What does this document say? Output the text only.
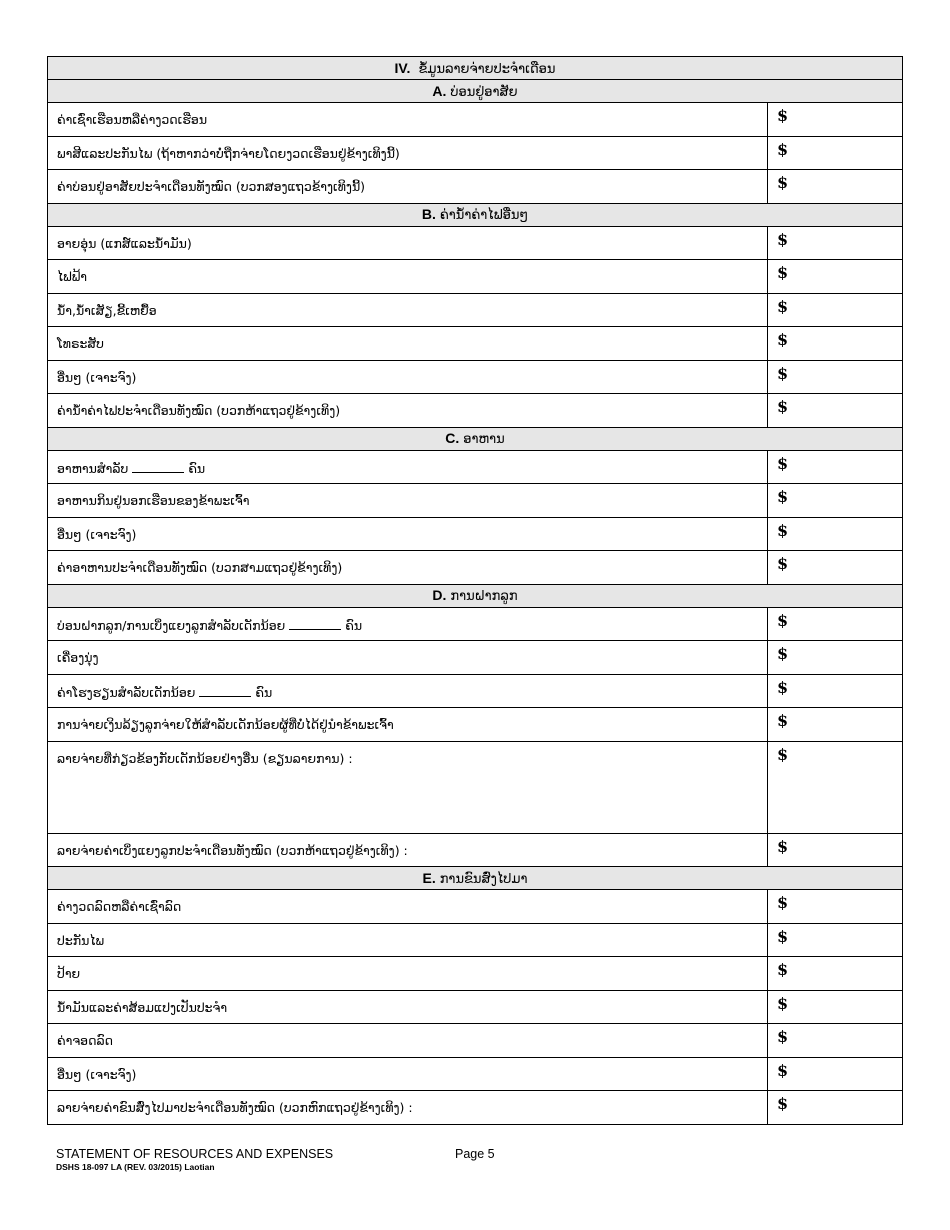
IV. ຂໍ້ມູນລາຍຈ່າຍປະຈຳເດືອນ	
A. ບ່ອນຢູ່ອາສັຍ	
ຄ່າເຊົ່າເຮືອນຫລືຄ່າງວດເຮືອນ	$
ພາສີແລະປະກັນໄພ (ຖ້າຫາກວ່າບໍ່ຖືກຈ່າຍໂດຍງວດເຮືອນຢູ່ຂ້າງເທິງນີ້)	$
ຄ່າບ່ອນຢູ່ອາສັຍປະຈຳເດືອນທັງໝົດ (ບວກສອງແຖວຂ້າງເທິງນີ້)	$
B. ຄ່ານ້ຳຄ່າໄຟອື່ນໆ	
ອາຍອຸ່ນ (ແກສ໌ແລະນ້ຳມັນ)	$
ໄຟຟ້າ	$
ນ້ຳ,ນ້ຳເສັຽ,ຂີ້ເຫຍື້ອ	$
ໂທຣະສັບ	$
ອື່ນໆ (ເຈາະຈົງ)	$
ຄ່ານ້ຳຄ່າໄຟປະຈຳເດືອນທັງໝົດ (ບວກຫ້າແຖວຢູ່ຂ້າງເທິງ)	$
C. ອາຫານ	
ອາຫານສຳລັບ ຄົນ	$
ອາຫານກິນຢູ່ນອກເຮືອນຂອງຂ້າພະເຈົ້າ	$
ອື່ນໆ (ເຈາະຈົງ)	$
ຄ່າອາຫານປະຈຳເດືອນທັງໝົດ (ບວກສາມແຖວຢູ່ຂ້າງເທິງ)	$
D. ການຝາກລູກ	
ບ່ອນຝາກລູກ/ການເບິ່ງແຍງລູກສຳລັບເດັກນ້ອຍ ຄົນ	$
ເຄື່ອງນຸ່ງ	$
ຄ່າໂຮງຮຽນສຳລັບເດັກນ້ອຍ ຄົນ	$
ການຈ່າຍເງິນລ້ຽງລູກຈ່າຍໃຫ້ສຳລັບເດັກນ້ອຍຜູ້ທີ່ບໍ່ໄດ້ຢູ່ນຳຂ້າພະເຈົ້າ	$
ລາຍຈ່າຍທີ່ກ່ຽວຂ້ອງກັບເດັກນ້ອຍຢ່າງອື່ນ (ຂຽນລາຍການ) :	$
ລາຍຈ່າຍຄ່າເບິ່ງແຍງລູກປະຈຳເດືອນທັງໝົດ (ບວກຫ້າແຖວຢູ່ຂ້າງເທິງ) :	$
E. ການຂົນສົ່ງໄປມາ	
ຄ່າງວດລົດຫລືຄ່າເຊົ່າລົດ	$
ປະກັນໄພ	$
ປ້າຍ	$
ນ້ຳມັນແລະຄ່າສ້ອມແປງເປັນປະຈຳ	$
ຄ່າຈອດລົດ	$
ອື່ນໆ (ເຈາະຈົງ)	$
ລາຍຈ່າຍຄ່າຂົນສົ່ງໄປມາປະຈຳເດືອນທັງໝົດ (ບວກຫົກແຖວຢູ່ຂ້າງເທິງ) :	$
STATEMENT OF RESOURCES AND EXPENSES	Page 5
DSHS 18-097 LA (REV. 03/2015) Laotian
